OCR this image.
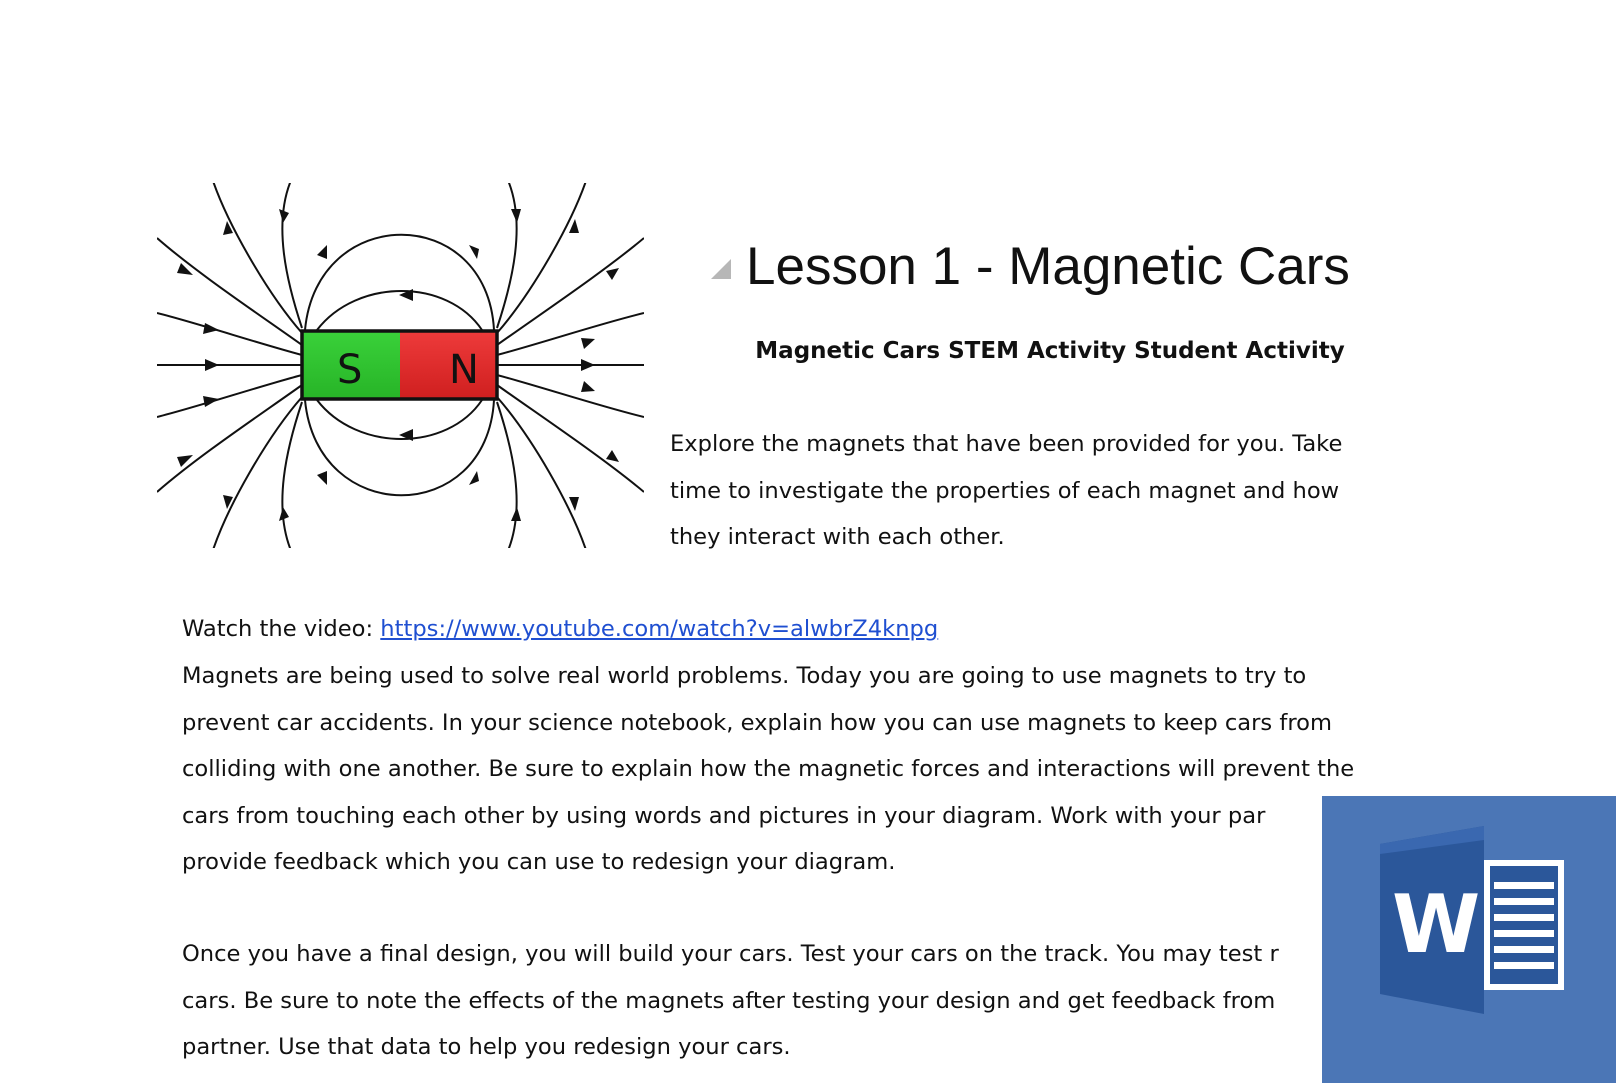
S N
Lesson 1 - Magnetic Cars
Magnetic Cars STEM Activity Student Activity
Explore the magnets that have been provided for you. Take
time to investigate the properties of each magnet and how
they interact with each other.
Watch the video: https://www.youtube.com/watch?v=alwbrZ4knpg
Magnets are being used to solve real world problems. Today you are going to use magnets to try to
prevent car accidents. In your science notebook, explain how you can use magnets to keep cars from
colliding with one another. Be sure to explain how the magnetic forces and interactions will prevent the
cars from touching each other by using words and pictures in your diagram. Work with your par
provide feedback which you can use to redesign your diagram.
Once you have a final design, you will build your cars. Test your cars on the track. You may test r
cars. Be sure to note the effects of the magnets after testing your design and get feedback from
partner. Use that data to help you redesign your cars.
W
